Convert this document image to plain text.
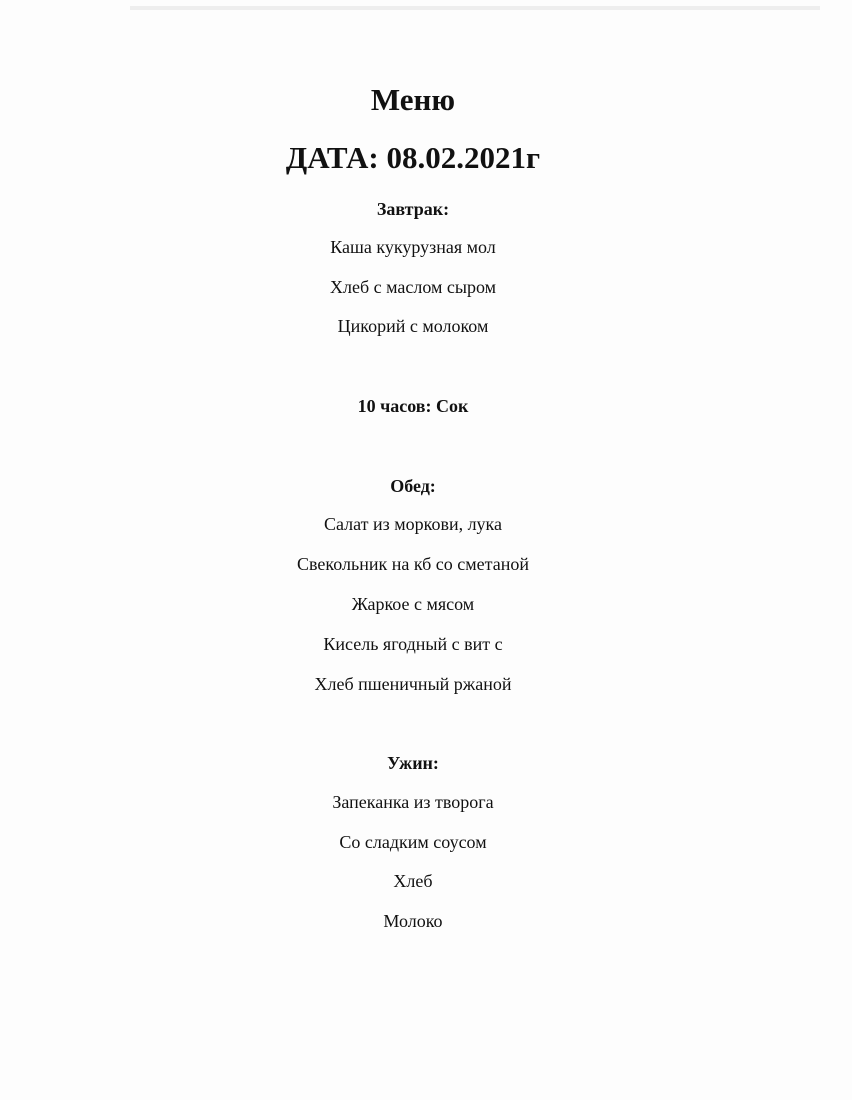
Меню
ДАТА: 08.02.2021г
Завтрак:
Каша кукурузная мол
Хлеб с маслом сыром
Цикорий с молоком
10 часов: Сок
Обед:
Салат из моркови, лука
Свекольник на кб со сметаной
Жаркое с мясом
Кисель ягодный с вит с
Хлеб пшеничный ржаной
Ужин:
Запеканка из творога
Со сладким соусом
Хлеб
Молоко
